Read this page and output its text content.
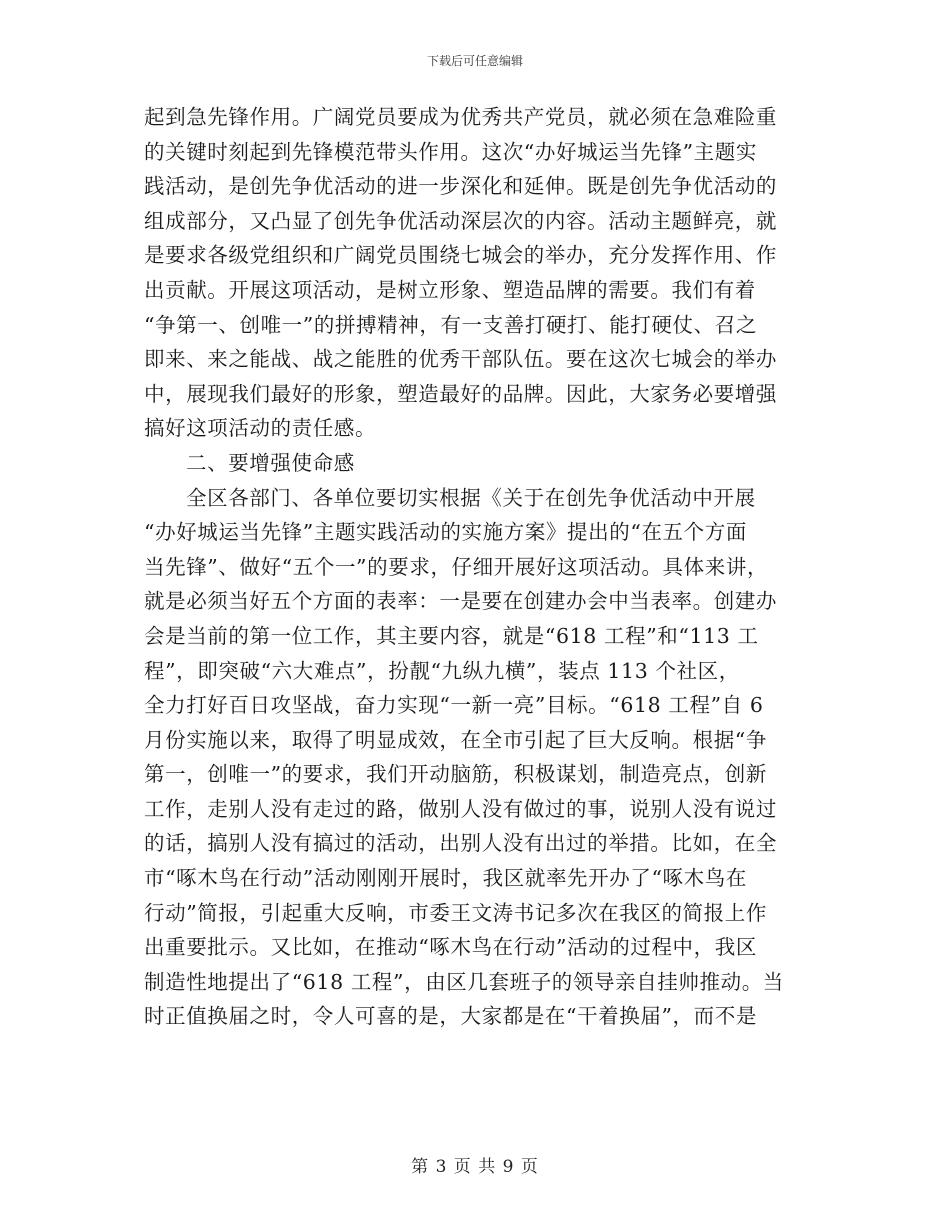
下载后可任意编辑
起到急先锋作用。广阔党员要成为优秀共产党员，就必须在急难险重
的关键时刻起到先锋模范带头作用。这次“办好城运当先锋”主题实
践活动，是创先争优活动的进一步深化和延伸。既是创先争优活动的
组成部分，又凸显了创先争优活动深层次的内容。活动主题鲜亮，就
是要求各级党组织和广阔党员围绕七城会的举办，充分发挥作用、作
出贡献。开展这项活动，是树立形象、塑造品牌的需要。我们有着
“争第一、创唯一”的拼搏精神，有一支善打硬打、能打硬仗、召之
即来、来之能战、战之能胜的优秀干部队伍。要在这次七城会的举办
中，展现我们最好的形象，塑造最好的品牌。因此，大家务必要增强
搞好这项活动的责任感。
二、要增强使命感
全区各部门、各单位要切实根据《关于在创先争优活动中开展
“办好城运当先锋”主题实践活动的实施方案》提出的“在五个方面
当先锋”、做好“五个一”的要求，仔细开展好这项活动。具体来讲，
就是必须当好五个方面的表率：一是要在创建办会中当表率。创建办
会是当前的第一位工作，其主要内容，就是“618 工程”和“113 工
程”，即突破“六大难点”，扮靓“九纵九横”，装点 113 个社区，
全力打好百日攻坚战，奋力实现“一新一亮”目标。“618 工程”自 6
月份实施以来，取得了明显成效，在全市引起了巨大反响。根据“争
第一，创唯一”的要求，我们开动脑筋，积极谋划，制造亮点，创新
工作，走别人没有走过的路，做别人没有做过的事，说别人没有说过
的话，搞别人没有搞过的活动，出别人没有出过的举措。比如，在全
市“啄木鸟在行动”活动刚刚开展时，我区就率先开办了“啄木鸟在
行动”简报，引起重大反响，市委王文涛书记多次在我区的简报上作
出重要批示。又比如，在推动“啄木鸟在行动”活动的过程中，我区
制造性地提出了“618 工程”，由区几套班子的领导亲自挂帅推动。当
时正值换届之时，令人可喜的是，大家都是在“干着换届”，而不是
第 3 页 共 9 页
